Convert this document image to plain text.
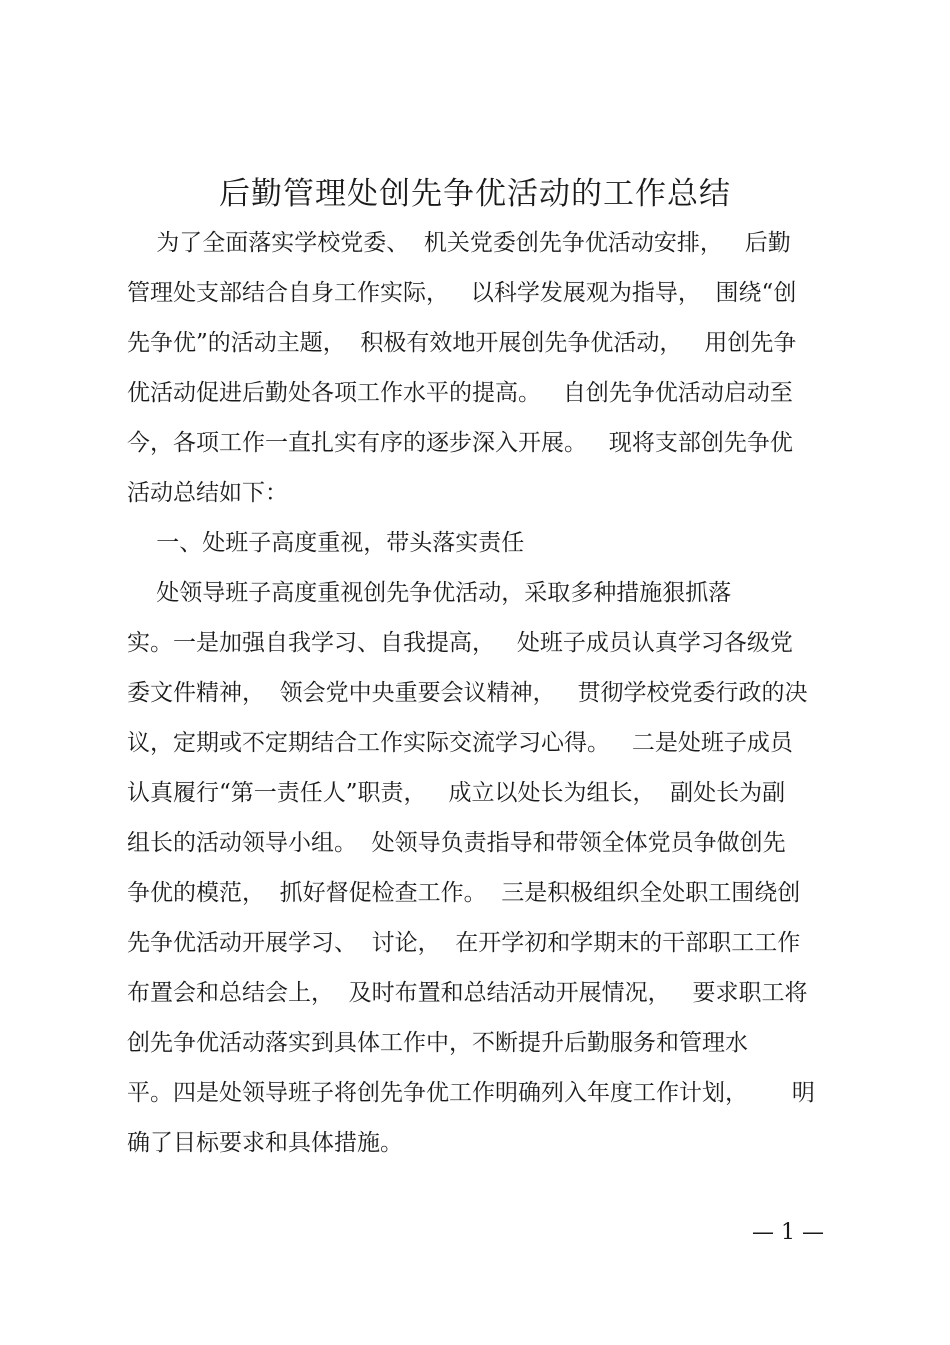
后勤管理处创先争优活动的工作总结
为了全面落实学校党委、  机关党委创先争优活动安排，   后勤
管理处支部结合自身工作实际，   以科学发展观为指导，  围绕“创
先争优”的活动主题，  积极有效地开展创先争优活动，   用创先争
优活动促进后勤处各项工作水平的提高。   自创先争优活动启动至
今，各项工作一直扎实有序的逐步深入开展。   现将支部创先争优
活动总结如下：
一、处班子高度重视，带头落实责任
处领导班子高度重视创先争优活动，采取多种措施狠抓落
实。一是加强自我学习、自我提高，   处班子成员认真学习各级党
委文件精神，  领会党中央重要会议精神，   贯彻学校党委行政的决
议，定期或不定期结合工作实际交流学习心得。   二是处班子成员
认真履行“第一责任人”职责，   成立以处长为组长，  副处长为副
组长的活动领导小组。  处领导负责指导和带领全体党员争做创先
争优的模范，  抓好督促检查工作。  三是积极组织全处职工围绕创
先争优活动开展学习、  讨论，  在开学初和学期末的干部职工工作
布置会和总结会上，  及时布置和总结活动开展情况，   要求职工将
创先争优活动落实到具体工作中，不断提升后勤服务和管理水
平。四是处领导班子将创先争优工作明确列入年度工作计划，      明
确了目标要求和具体措施。
— 1 —
